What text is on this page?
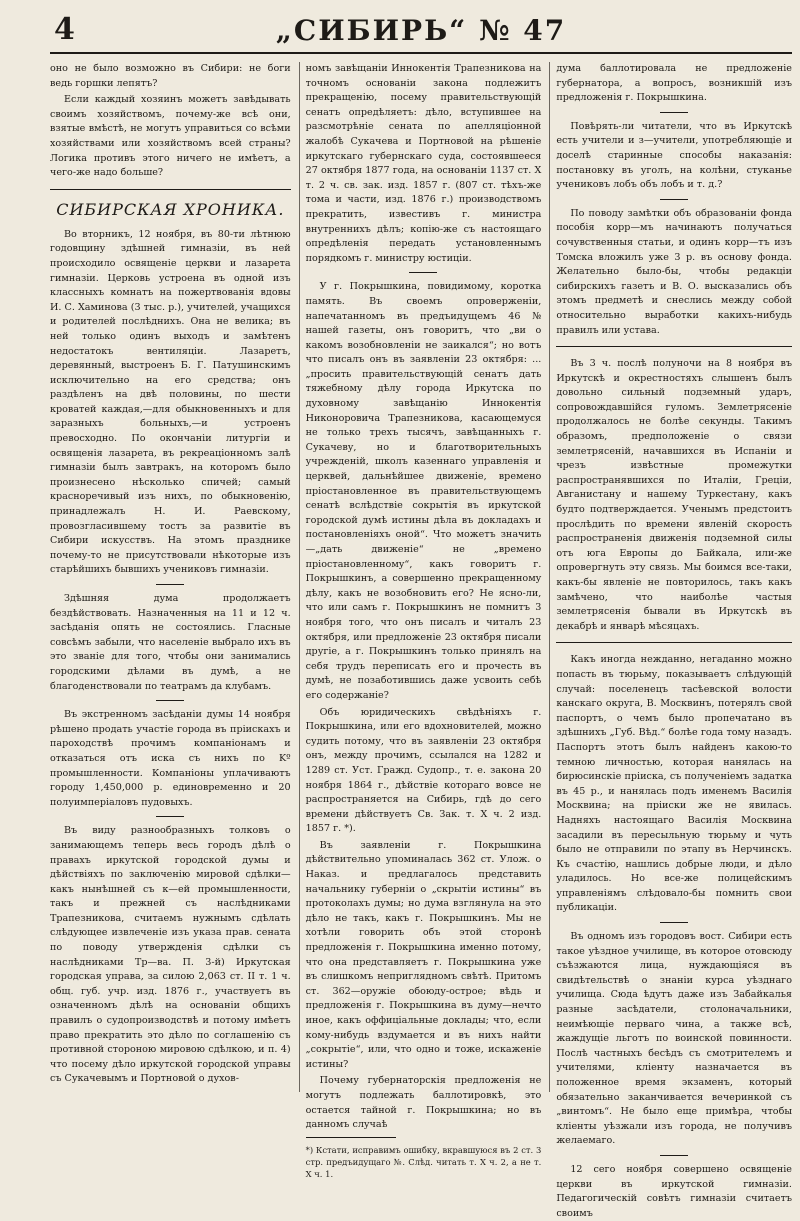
4	„СИБИРЬ“ № 47

оно не было возможно въ Сибири: не боги ведь горшки лепятъ?

Если каждый хозяинъ можетъ завѣдывать своимъ хозяйствомъ, почему-же всѣ они, взятые вмѣстѣ, не могутъ управиться со всѣми хозяйствами или хозяйствомъ всей страны? Логика противъ этого ничего не имѣетъ, а чего-же надо больше?

СИБИРСКАЯ ХРОНИКА.

Во вторникъ, 12 ноября, въ 80-ти лѣтнюю годовщину здѣшней гимназіи, въ ней происходило освященіе церкви и лазарета гимназіи. Церковь устроена въ одной изъ классныхъ комнатъ на пожертвованія вдовы И. С. Хаминова (3 тыс. р.), учителей, учащихся и родителей послѣднихъ. Она не велика; въ ней только одинъ выходъ и замѣтенъ недостатокъ вентиляціи. Лазаретъ, деревянный, выстроенъ Б. Г. Патушинскимъ исключительно на его средства; онъ раздѣленъ на двѣ половины, по шести кроватей каждая,—для обыкновенныхъ и для заразныхъ больныхъ,—и устроенъ превосходно. По окончаніи литургіи и освященія лазарета, въ рекреаціонномъ залѣ гимназіи былъ завтракъ, на которомъ было произнесено нѣсколько спичей; самый красноречивый изъ нихъ, по обыкновенію, принадлежалъ Н. И. Раевскому, провозгласившему тостъ за развитіе въ Сибири искусствъ. На этомъ празднике почему-то не присутствовали нѣкоторые изъ старѣйшихъ бывшихъ учениковъ гимназіи.

Здѣшняя дума продолжаетъ бездѣйствовать. Назначенныя на 11 и 12 ч. засѣданія опять не состоялись. Гласные совсѣмъ забыли, что населеніе выбрало ихъ въ это званіе для того, чтобы они занимались городскими дѣлами въ думѣ, а не благоденствовали по театрамъ да клубамъ.

Въ экстренномъ засѣданіи думы 14 ноября рѣшено продать участіе города въ пріискахъ и пароходствѣ прочимъ компаніонамъ и отказаться отъ иска съ нихъ по Kº промышленности. Компаніоны уплачиваютъ городу 1,450,000 р. единовременно и 20 полуимперіаловъ пудовыхъ.

Въ виду разнообразныхъ толковъ о занимающемъ теперь весь городъ дѣлѣ о правахъ иркутской городской думы и дѣйствіяхъ по заключенію мировой сдѣлки—какъ нынѣшней съ к—ей промышленности, такъ и прежней съ наслѣдниками Трапезникова, считаемъ нужнымъ сдѣлать слѣдующее извлеченіе изъ указа прав. сената по поводу утвержденія сдѣлки съ наслѣдниками Тр—ва. П. 3-й) Иркутская городская управа, за силою 2,063 ст. II т. 1 ч. общ. губ. учр. изд. 1876 г., участвуетъ въ означенномъ дѣлѣ на основаніи общихъ правилъ о судопроизводствѣ и потому имѣетъ право прекратить это дѣло по соглашенію съ противной стороною мировою сдѣлкою, и п. 4) что посему дѣло иркутской городской управы съ Сукачевымъ и Портновой о духов-

номъ завѣщаніи Иннокентія Трапезникова на точномъ основаніи закона подлежитъ прекращенію, посему правительствующій сенатъ опредѣляетъ: дѣло, вступившее на разсмотрѣніе сената по апелляціонной жалобѣ Сукачева и Портновой на рѣшеніе иркутскаго губернскаго суда, состоявшееся 27 октября 1877 года, на основаніи 1137 ст. Х т. 2 ч. св. зак. изд. 1857 г. (807 ст. тѣхъ-же тома и части, изд. 1876 г.) производствомъ прекратить, известивъ г. министра внутреннихъ дѣлъ; копію-же съ настоящаго опредѣленія передать установленнымъ порядкомъ г. министру юстиціи.

У г. Покрышкина, повидимому, коротка память. Въ своемъ опроверженіи, напечатанномъ въ предъидущемъ 46 № нашей газеты, онъ говоритъ, что „ви о какомъ возобновленіи не заикался“; но вотъ что писалъ онъ въ заявленіи 23 октября: ...„просить правительствующій сенатъ дать тяжебному дѣлу города Иркутска по духовному завѣщанію Иннокентія Никоноровича Трапезникова, касающемуся не только трехъ тысячъ, завѣщанныхъ г. Сукачеву, но и благотворительныхъ учрежденій, школъ казеннаго управленія и церквей, дальнѣйшее движеніе, времено пріостановленное въ правительствующемъ сенатѣ вслѣдствіе сокрытія въ иркутской городской думѣ истины дѣла въ докладахъ и постановленіяхъ оной“. Что можетъ значить—„дать движеніе“ не „времено пріостановленному“, какъ говоритъ г. Покрышкинъ, а совершенно прекращенному дѣлу, какъ не возобновить его? Не ясно-ли, что или самъ г. Покрышкинъ не помнитъ 3 ноября того, что онъ писалъ и читалъ 23 октября, или предложеніе 23 октября писали другіе, а г. Покрышкинъ только принялъ на себя трудъ переписать его и прочесть въ думѣ, не позаботившись даже усвоить себѣ его содержаніе?

Объ юридическихъ свѣдѣніяхъ г. Покрышкина, или его вдохновителей, можно судить потому, что въ заявленіи 23 октября онъ, между прочимъ, ссылался на 1282 и 1289 ст. Уст. Гражд. Судопр., т. е. закона 20 ноября 1864 г., дѣйствіе котораго вовсе не распространяется на Сибирь, гдѣ до сего времени дѣйствуетъ Св. Зак. т. Х ч. 2 изд. 1857 г. *).

Въ заявленіи г. Покрышкина дѣйствительно упоминалась 362 ст. Улож. о Наказ. и предлагалось представить начальнику губерніи о „скрытіи истины“ въ протоколахъ думы; но дума взглянула на это дѣло не такъ, какъ г. Покрышкинъ. Мы не хотѣли говорить объ этой сторонѣ предложенія г. Покрышкина именно потому, что она представляетъ г. Покрышкина уже въ слишкомъ неприглядномъ свѣтѣ. Притомъ ст. 362—оружіе обоюду-острое; вѣдь и предложенія г. Покрышкина въ думу—нечто иное, какъ оффиціальные доклады; что, если кому-нибудь вздумается и въ нихъ найти „сокрытіе“, или, что одно и тоже, искаженіе истины?

Почему губернаторскія предложенія не могутъ подлежать баллотировкѣ, это остается тайной г. Покрышкина; но въ данномъ случаѣ

*) Кстати, исправимъ ошибку, вкравшуюся въ 2 ст. 3 стр. предъидущаго №. Слѣд. читать т. Х ч. 2, а не т. Х ч. 1.

дума баллотировала не предложеніе губернатора, а вопросъ, возникшій изъ предложенія г. Покрышкина.

Повѣрять-ли читатели, что въ Иркутскѣ есть учители и з—учители, употребляющіе и доселѣ старинные способы наказанія: постановку въ уголъ, на колѣни, стуканье учениковъ лобъ объ лобъ и т. д.?

По поводу замѣтки объ образованіи фонда пособія корр—мъ начинаютъ получаться сочувственныя статьи, и одинъ корр—тъ изъ Томска вложилъ уже 3 р. въ основу фонда. Желательно было-бы, чтобы редакціи сибирскихъ газетъ и В. О. высказались объ этомъ предметѣ и снеслись между собой относительно выработки какихъ-нибудь правилъ или устава.

Въ 3 ч. послѣ полуночи на 8 ноября въ Иркутскѣ и окрестностяхъ слышенъ былъ довольно сильный подземный ударъ, сопровождавшійся гуломъ. Землетрясеніе продолжалось не болѣе секунды. Такимъ образомъ, предположеніе о связи землетрясеній, начавшихся въ Испаніи и чрезъ извѣстные промежутки распространявшихся по Италіи, Греціи, Авганистану и нашему Туркестану, какъ будто подтверждается. Ученымъ предстоитъ прослѣдить по времени явленій скорость распространенія движенія подземной силы отъ юга Европы до Байкала, или-же опровергнуть эту связь. Мы боимся все-таки, какъ-бы явленіе не повторилось, такъ какъ замѣчено, что наиболѣе частыя землетрясенія бывали въ Иркутскѣ въ декабрѣ и январѣ мѣсяцахъ.

Какъ иногда нежданно, негаданно можно попасть въ тюрьму, показываетъ слѣдующій случай: поселенецъ тасѣевской волости канскаго округа, В. Москвинъ, потерялъ свой паспортъ, о чемъ было пропечатано въ здѣшнихъ „Губ. Вѣд.“ болѣе года тому назадъ. Паспортъ этотъ былъ найденъ какою-то темною личностью, которая нанялась на бирюсинскіе пріиска, съ полученіемъ задатка въ 45 р., и нанялась подъ именемъ Василія Москвина; на пріиски же не явилась. Надняхъ настоящаго Василія Москвина засадили въ пересыльную тюрьму и чуть было не отправили по этапу въ Нерчинскъ. Къ счастію, нашлись добрые люди, и дѣло уладилось. Но все-же полицейскимъ управленіямъ слѣдовало-бы помнить свои публикаціи.

Въ одномъ изъ городовъ вост. Сибири есть такое уѣздное училище, въ которое отовсюду съѣзжаются лица, нуждающіяся въ свидѣтельствѣ о знаніи курса уѣзднаго училища. Сюда ѣдутъ даже изъ Забайкалья разные засѣдатели, столоначальники, неимѣющіе перваго чина, а также всѣ, жаждущіе льготъ по воинской повинности. Послѣ частныхъ бесѣдъ съ смотрителемъ и учителями, кліенту назначается въ положенное время экзаменъ, который обязательно заканчивается вечеринкой съ „винтомъ“. Не было еще примѣра, чтобы кліенты уѣзжали изъ города, не получивъ желаемаго.

12 сего ноября совершено освященіе церкви въ иркутской гимназіи. Педагогическій совѣтъ гимназіи считаетъ своимъ
